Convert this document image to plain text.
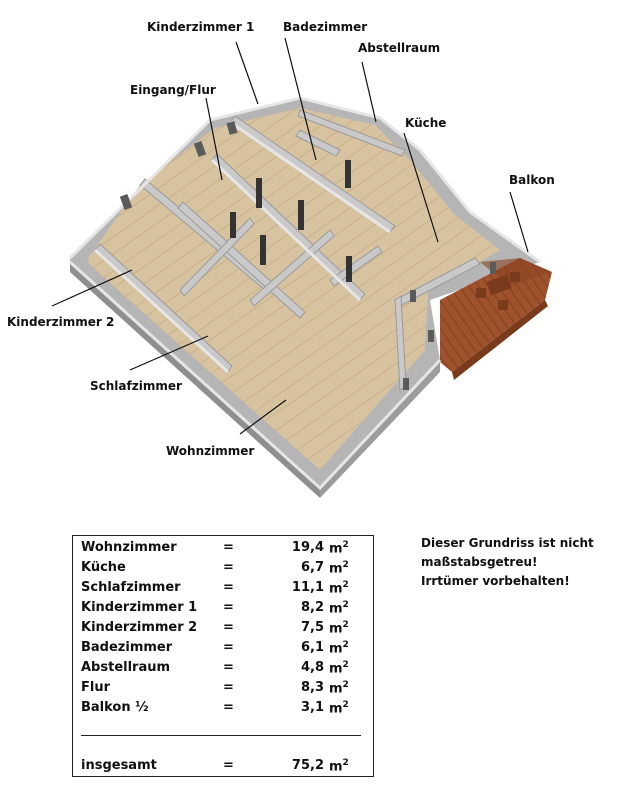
Kinderzimmer 1 Badezimmer
Abstellraum
Eingang/Flur
Küche
Balkon
Kinderzimmer 2
Schlafzimmer
Wohnzimmer
Wohnzimmer	=	19,4 $m^2$
Küche	=	6,7 $m^2$
Schlafzimmer	=	11,1 $m^2$
Kinderzimmer 1 =	8,2 $m^2$
Kinderzimmer 2 =	7,5 $m^2$
Badezimmer	=	6,1 $m^2$
Abstellraum	=	4,8 $m^2$
Flur	=	8,3 $m^2$
Balkon ½	=	3,1 $m^2$
insgesamt	=	75,2 $m^2$

Dieser Grundriss ist nicht
maßstabsgetreu!
Irrtümer vorbehalten!
